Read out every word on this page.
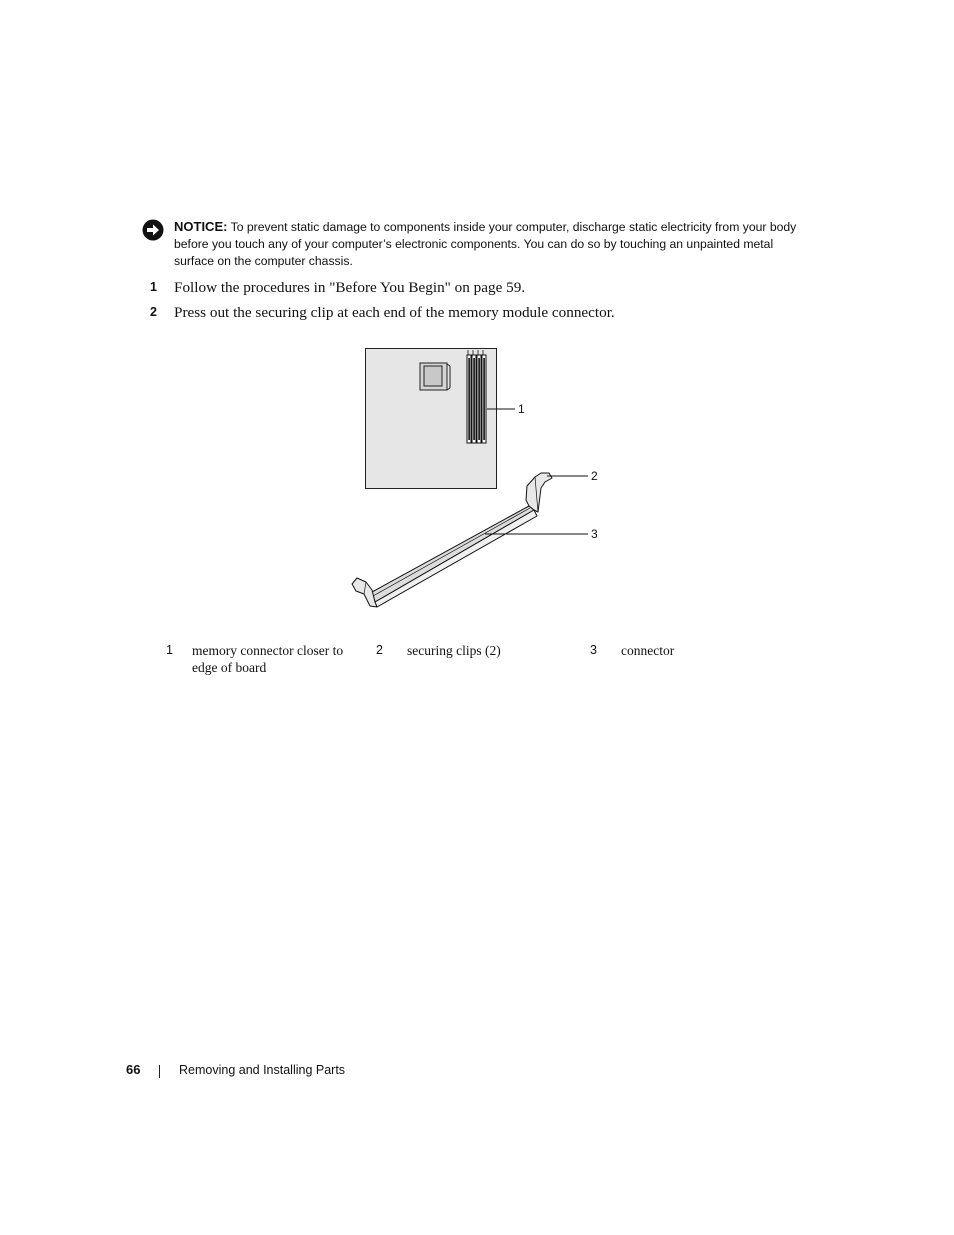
NOTICE: To prevent static damage to components inside your computer, discharge static electricity from your body before you touch any of your computer’s electronic components. You can do so by touching an unpainted metal surface on the computer chassis.
1 Follow the procedures in "Before You Begin" on page 59.
2 Press out the securing clip at each end of the memory module connector.
1
2
3
1 memory connector closer to edge of board
2 securing clips (2)	3 connector
66	Removing and Installing Parts
